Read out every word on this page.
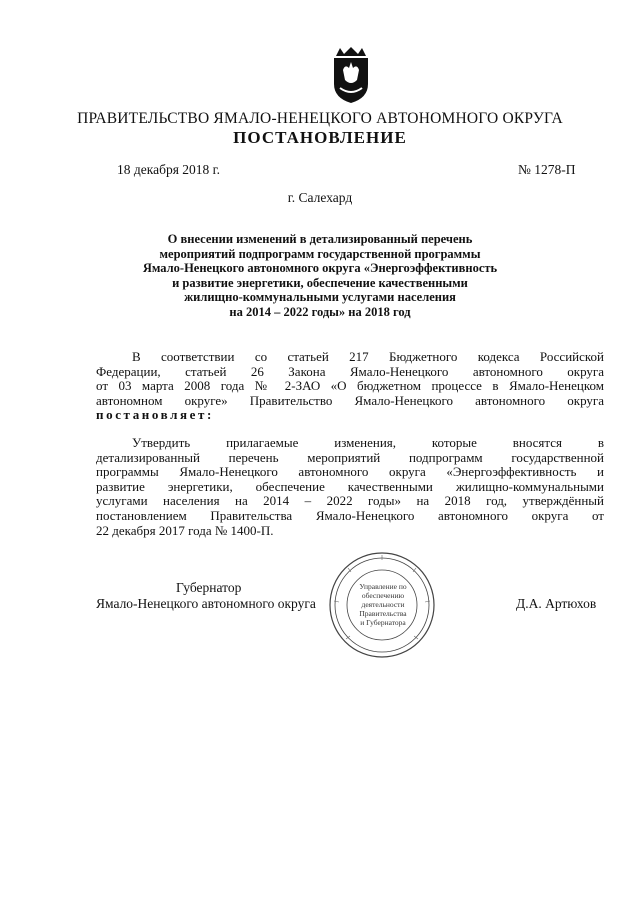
ПРАВИТЕЛЬСТВО ЯМАЛО-НЕНЕЦКОГО АВТОНОМНОГО ОКРУГА
ПОСТАНОВЛЕНИЕ
18 декабря 2018 г.	№ 1278-П
г. Салехард
О внесении изменений в детализированный перечень
мероприятий подпрограмм государственной программы
Ямало-Ненецкого автономного округа «Энергоэффективность
и развитие энергетики, обеспечение качественными
жилищно-коммунальными услугами населения
на 2014 – 2022 годы» на 2018 год
В соответствии со статьей 217 Бюджетного кодекса Российской
Федерации, статьей 26 Закона Ямало-Ненецкого автономного округа
от 03 марта 2008 года № 2-ЗАО «О бюджетном процессе в Ямало-Ненецком
автономном округе» Правительство Ямало-Ненецкого автономного округа
постановляет:
Утвердить прилагаемые изменения, которые вносятся в
детализированный перечень мероприятий подпрограмм государственной
программы Ямало-Ненецкого автономного округа «Энергоэффективность и
развитие энергетики, обеспечение качественными жилищно-коммунальными
услугами населения на 2014 – 2022 годы» на 2018 год, утверждённый
постановлением Правительства Ямало-Ненецкого автономного округа от
22 декабря 2017 года № 1400-П.
Губернатор
Ямало-Ненецкого автономного округа
Управление по
обеспечению
деятельности
Правительства
и Губернатора
Д.А. Артюхов
